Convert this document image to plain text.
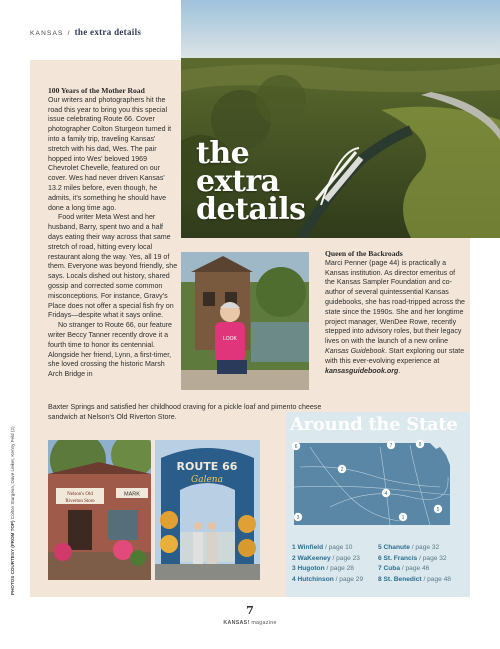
KANSAS / the extra details
the
extra
details
100 Years of the Mother Road

Our writers and photographers hit the road this year to bring you this special issue celebrating Route 66. Cover photographer Colton Sturgeon turned it into a family trip, traveling Kansas' stretch with his dad, Wes. The pair hopped into Wes' beloved 1969 Chevrolet Chevelle, featured on our cover. Wes had never driven Kansas' 13.2 miles before, even though, he admits, it's something he should have done a long time ago.

Food writer Meta West and her husband, Barry, spent two and a half days eating their way across that same stretch of road, hitting every local restaurant along the way. Yes, all 19 of them. Everyone was beyond friendly, she says. Locals dished out history, shared gossip and corrected some common misconceptions. For instance, Gravy's Place does not offer a special fish fry on Fridays—despite what it says online.

No stranger to Route 66, our feature writer Beccy Tanner recently drove it a fourth time to honor its centennial. Alongside her friend, Lynn, a first-timer, she loved crossing the historic Marsh Arch Bridge in

Baxter Springs and satisfied her childhood craving for a pickle loaf and pimento cheese sandwich at Nelson's Old Riverton Store.
LOOK
Queen of the Backroads
Marci Penner (page 44) is practically a Kansas institution. As director emeritus of the Kansas Sampler Foundation and co-author of several quintessential Kansas guidebooks, she has road-tripped across the state since the 1990s. She and her longtime project manager, WenDee Rowe, recently stepped into advisory roles, but their legacy lives on with the launch of a new online Kansas Guidebook. Start exploring our state with this ever-evolving experience at kansasguidebook.org.
Around the State
1
2
3
4
5
6	7	8
1 Winfield / page 10
2 WaKeeney / page 23
3 Hugoton / page 28
4 Hutchinson / page 29
5 Chanute / page 32
6 St. Francis / page 32
7 Cuba / page 46
8 St. Benedict / page 48
Nelson's Old
Riverton Store
MARK
ROUTE 66
Galena
PHOTOS COURTESY (FROM TOP) Colton Sturgeon, Dave Leiker, Kenny Feld (2)
7
KANSAS! magazine
